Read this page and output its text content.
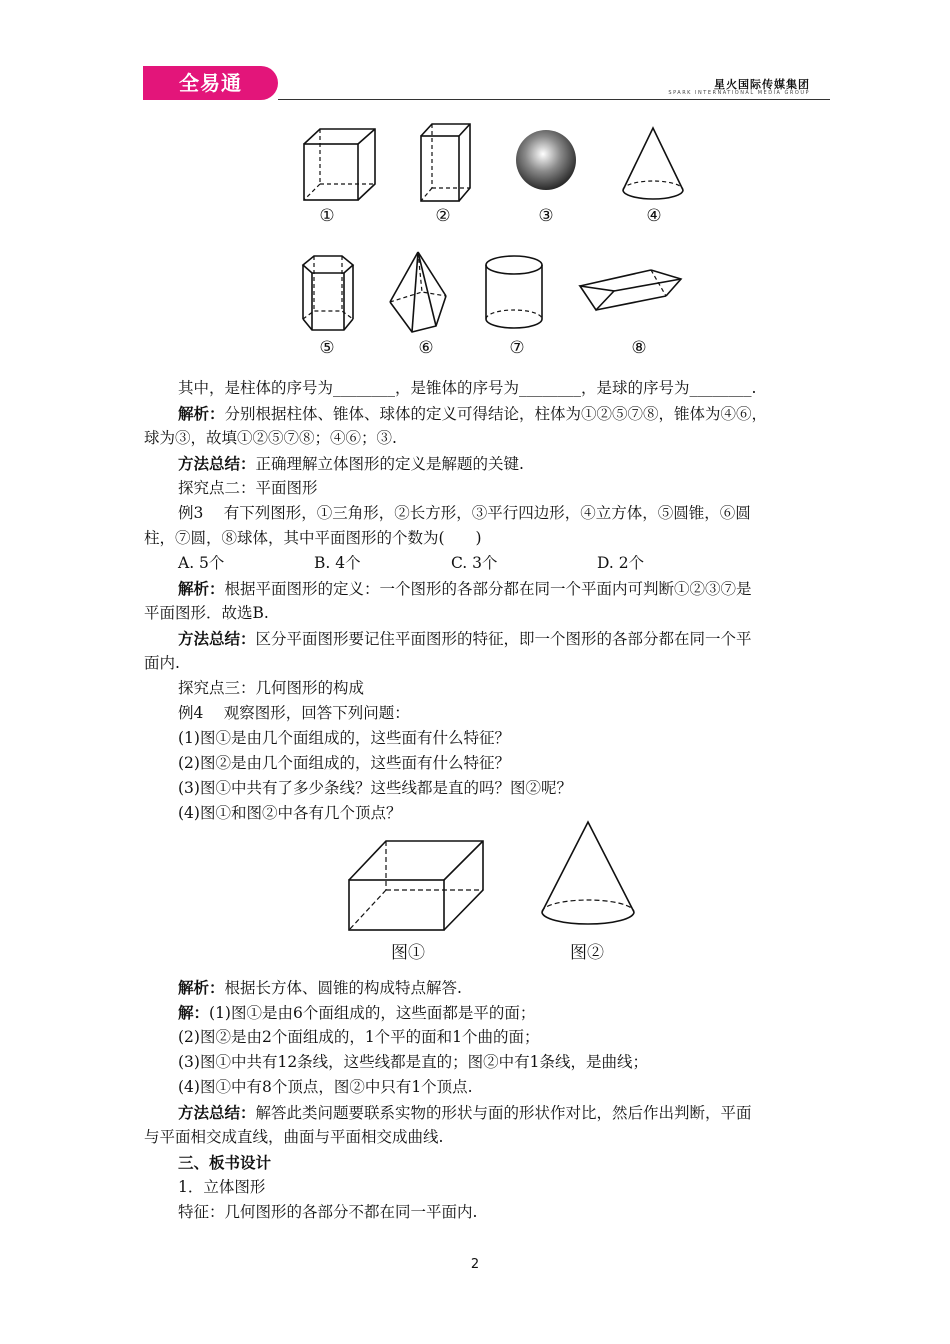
全易通	星火国际传媒集团
SPARK INTERNATIONAL MEDIA GROUP
①	②	③	④
⑤	⑥	⑦	⑧
其中，是柱体的序号为________，是锥体的序号为________，是球的序号为________.
解析：分别根据柱体、锥体、球体的定义可得结论，柱体为①②⑤⑦⑧，锥体为④⑥，
球为③，故填①②⑤⑦⑧；④⑥；③.
方法总结：正确理解立体图形的定义是解题的关键.
探究点二：平面图形
例3　 有下列图形，①三角形，②长方形，③平行四边形，④立方体，⑤圆锥，⑥圆
柱，⑦圆，⑧球体，其中平面图形的个数为(　　)
A. 5个	B. 4个	C. 3个	D. 2个
解析：根据平面图形的定义：一个图形的各部分都在同一个平面内可判断①②③⑦是
平面图形．故选B.
方法总结：区分平面图形要记住平面图形的特征，即一个图形的各部分都在同一个平
面内.
探究点三：几何图形的构成
例4　 观察图形，回答下列问题：
(1)图①是由几个面组成的，这些面有什么特征？
(2)图②是由几个面组成的，这些面有什么特征？
(3)图①中共有了多少条线？这些线都是直的吗？图②呢？
(4)图①和图②中各有几个顶点？
图①	图②
解析：根据长方体、圆锥的构成特点解答.
解：(1)图①是由6个面组成的，这些面都是平的面；
(2)图②是由2个面组成的，1个平的面和1个曲的面；
(3)图①中共有12条线，这些线都是直的；图②中有1条线，是曲线；
(4)图①中有8个顶点，图②中只有1个顶点.
方法总结：解答此类问题要联系实物的形状与面的形状作对比，然后作出判断，平面
与平面相交成直线，曲面与平面相交成曲线.
三、板书设计
1．立体图形
特征：几何图形的各部分不都在同一平面内.
2
